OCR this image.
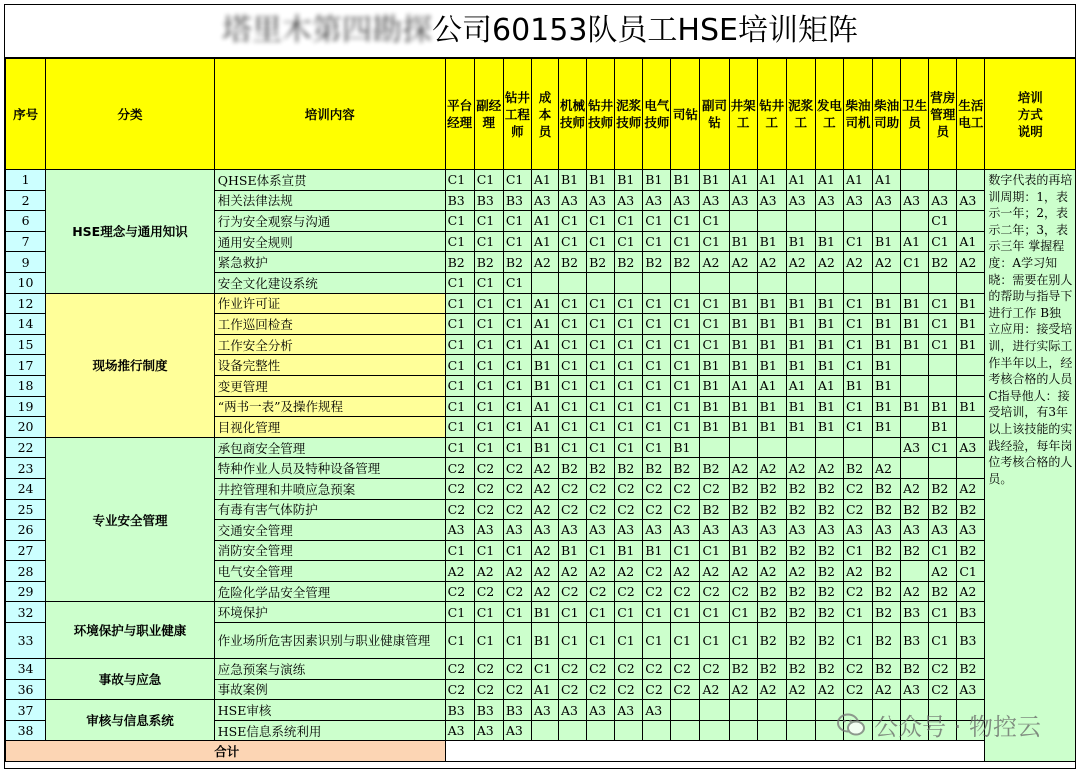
塔里木第四勘探公司60153队员工HSE培训矩阵
序号	分类	培训内容	平台经理	副经理	钻井工程师	成本员	机械技师	钻井技师	泥浆技师	电气技师	司钻	副司钻	井架工	钻井工	泥浆工	发电工	柴油司机	柴油司助	卫生员	营房管理员	生活电工	培训方式说明
1	HSE理念与通用知识	QHSE体系宣贯	C1	C1	C1	A1	B1	B1	B1	B1	B1	B1	A1	A1	A1	A1	A1	A1				数字代表的再培训周期：1，表示一年；2，表示二年；3，表示三年 掌握程度：A学习知晓：需要在别人的帮助与指导下进行工作 B独立应用：接受培训，进行实际工作半年以上，经考核合格的人员 C指导他人：接受培训，有3年以上该技能的实践经验，每年岗位考核合格的人员。
2		相关法律法规	B3	B3	B3	A3	A3	A3	A3	A3	A3	A3	A3	A3	A3	A3	A3	A3	A3	A3	A3	
6		行为安全观察与沟通	C1	C1	C1	A1	C1	C1	C1	C1	C1	C1								C1		
7		通用安全规则	C1	C1	C1	A1	C1	C1	C1	C1	C1	C1	B1	B1	B1	B1	C1	B1	A1	C1	A1	
9		紧急救护	B2	B2	B2	A2	B2	B2	B2	B2	B2	A2	A2	A2	A2	A2	A2	A2	C1	B2	A2	
10		安全文化建设系统	C1	C1	C1																	
12	现场推行制度	作业许可证	C1	C1	C1	A1	C1	C1	C1	C1	C1	C1	B1	B1	B1	B1	C1	B1	B1	C1	B1	
14		工作巡回检查	C1	C1	C1	A1	C1	C1	C1	C1	C1	C1	B1	B1	B1	B1	C1	B1	B1	C1	B1	
15		工作安全分析	C1	C1	C1	A1	C1	C1	C1	C1	C1	C1	B1	B1	B1	B1	C1	B1	B1	C1	B1	
17		设备完整性	C1	C1	C1	B1	C1	C1	C1	C1	C1	B1	B1	B1	B1	B1	C1	B1				
18		变更管理	C1	C1	C1	B1	C1	C1	C1	C1	C1	B1	A1	A1	A1	A1	B1	B1				
19		“两书一表”及操作规程	C1	C1	C1	A1	C1	C1	C1	C1	C1	B1	B1	B1	B1	B1	C1	B1	B1	B1	B1	
20		目视化管理	C1	C1	C1	A1	C1	C1	C1	C1	C1	B1	B1	B1	B1	B1	C1	B1		B1		
22	专业安全管理	承包商安全管理	C1	C1	C1	B1	C1	C1	C1	C1	B1								A3	C1	A3	
23		特种作业人员及特种设备管理	C2	C2	C2	A2	B2	B2	B2	B2	B2	B2	A2	A2	A2	A2	B2	A2				
24		井控管理和井喷应急预案	C2	C2	C2	A2	C2	C2	C2	C2	C2	C2	B2	B2	B2	B2	C2	B2	A2	B2	A2	
25		有毒有害气体防护	C2	C2	C2	A2	C2	C2	C2	C2	C2	B2	B2	B2	B2	B2	C2	B2	B2	B2	B2	
26		交通安全管理	A3	A3	A3	A3	A3	A3	A3	A3	A3	A3	A3	A3	A3	A3	A3	A3	A3	A3	A3	
27		消防安全管理	C1	C1	C1	A2	B1	C1	B1	B1	C1	C1	B1	B2	B2	B2	C1	B2	B2	C1	B2	
28		电气安全管理	A2	A2	A2	A2	A2	A2	A2	C2	A2	A2	A2	A2	A2	B2	A2	B2		A2	C1	
29		危险化学品安全管理	C2	C2	C2	A2	C2	C2	C2	C2	C2	C2	C2	B2	B2	B2	C2	B2	A2	B2	A2	
32	环境保护与职业健康	环境保护	C1	C1	C1	B1	C1	C1	C1	C1	C1	C1	C1	B2	B2	B2	C1	B2	B3	C1	B3	
33		作业场所危害因素识别与职业健康管理	C1	C1	C1	B1	C1	C1	C1	C1	C1	C1	C1	B2	B2	B2	C1	B2	B3	C1	B3	
34	事故与应急	应急预案与演练	C2	C2	C2	C1	C2	C2	C2	C2	C2	C2	B2	B2	B2	B2	C2	B2	B2	C2	B2	
36		事故案例	C2	C2	C2	A1	C2	C2	C2	C2	C2	A2	A2	A2	A2	A2	C2	A2	A3	C2	A3	
37	审核与信息系统	HSE审核	B3	B3	B3	A3	A3	A3	A3	A3												
38		HSE信息系统利用	A3	A3	A3																	
合计																						
公众号 · 物控云
